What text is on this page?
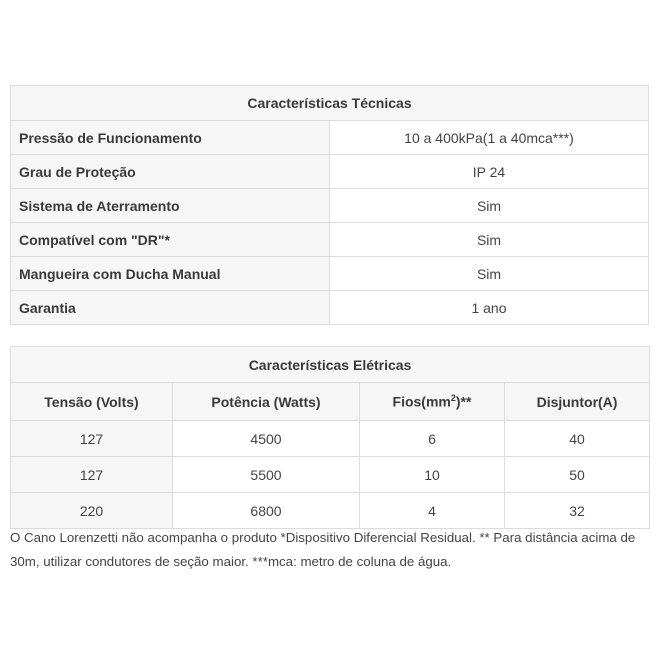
Características Técnicas	
Pressão de Funcionamento	10 a 400kPa(1 a 40mca***)
Grau de Proteção	IP 24
Sistema de Aterramento	Sim
Compatível com "DR"*	Sim
Mangueira com Ducha Manual	Sim
Garantia	1 ano
Características Elétricas			
Tensão (Volts)	Potência (Watts)	$Fios(mm^2)**$	Disjuntor(A)
127	4500	6	40
127	5500	10	50
220	6800	4	32
O Cano Lorenzetti não acompanha o produto *Dispositivo Diferencial Residual. ** Para distância acima de 30m, utilizar condutores de seção maior. ***mca: metro de coluna de água.
